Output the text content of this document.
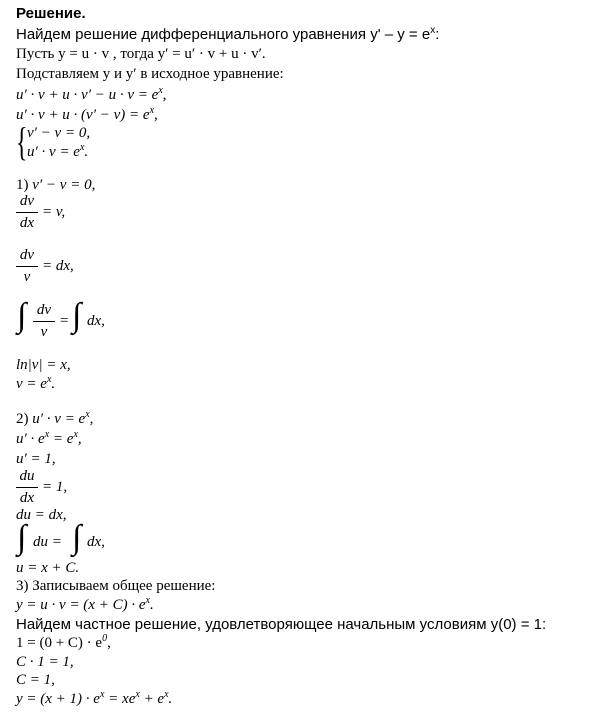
Решение.
Найдем решение дифференциального уравнения $y' - y = e^x$:
Пусть y = u · v , тогда y′ = u′ · v + u · v′.
Подставляем y и y′ в исходное уравнение:
$u' \cdot v + u \cdot v' - u \cdot v = e^x$,
$u' \cdot v + u \cdot (v' - v) = e^x$,
{ v′ − v = 0,
$u' \cdot v = e^x$.
1) v′ − v = 0,
dv
dx
= v,
dv
v
= dx,
∫ dv
v
= ∫ dx,
ln|v| = x,
$v = e^x$.
2) $u' \cdot v = e^x$,
$u' \cdot e^x = e^x$,
u′ = 1,
du
dx
= 1,
du = dx,
∫ du = ∫ dx,
u = x + C.
3) Записываем общее решение:
$y = u \cdot v = (x + C) \cdot e^x$.
Найдем частное решение, удовлетворяющее начальным условиям y(0) = 1:
$1 = (0 + C) \cdot e^0$,
C · 1 = 1,
C = 1,
$y = (x + 1) \cdot e^x = xe^x + e^x$.
